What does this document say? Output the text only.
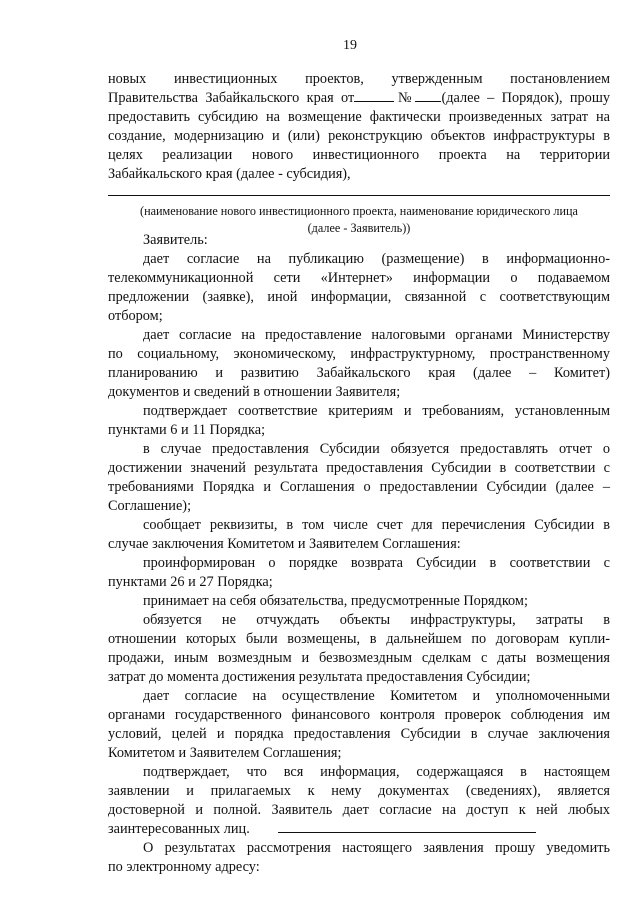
19
новых инвестиционных проектов, утвержденным постановлением
Правительства Забайкальского края от	№ (далее – Порядок), прошу
предоставить субсидию на возмещение фактически произведенных затрат на
создание, модернизацию и (или) реконструкцию объектов инфраструктуры в
целях реализации нового инвестиционного проекта на территории
Забайкальского края (далее - субсидия),
(наименование нового инвестиционного проекта, наименование юридического лица
(далее - Заявитель))
Заявитель:
дает согласие на публикацию (размещение) в информационно-
телекоммуникационной сети «Интернет» информации о подаваемом
предложении (заявке), иной информации, связанной с соответствующим
отбором;
дает согласие на предоставление налоговыми органами Министерству
по социальному, экономическому, инфраструктурному, пространственному
планированию и развитию Забайкальского края (далее – Комитет)
документов и сведений в отношении Заявителя;
подтверждает соответствие критериям и требованиям, установленным
пунктами 6 и 11 Порядка;
в случае предоставления Субсидии обязуется предоставлять отчет о
достижении значений результата предоставления Субсидии в соответствии с
требованиями Порядка и Соглашения о предоставлении Субсидии (далее –
Соглашение);
сообщает реквизиты, в том числе счет для перечисления Субсидии в
случае заключения Комитетом и Заявителем Соглашения:
проинформирован о порядке возврата Субсидии в соответствии с
пунктами 26 и 27 Порядка;
принимает на себя обязательства, предусмотренные Порядком;
обязуется не отчуждать объекты инфраструктуры, затраты в
отношении которых были возмещены, в дальнейшем по договорам купли-
продажи, иным возмездным и безвозмездным сделкам с даты возмещения
затрат до момента достижения результата предоставления Субсидии;
дает согласие на осуществление Комитетом и уполномоченными
органами государственного финансового контроля проверок соблюдения им
условий, целей и порядка предоставления Субсидии в случае заключения
Комитетом и Заявителем Соглашения;
подтверждает, что вся информация, содержащаяся в настоящем
заявлении и прилагаемых к нему документах (сведениях), является
достоверной и полной. Заявитель дает согласие на доступ к ней любых
заинтересованных лиц.
О результатах рассмотрения настоящего заявления прошу уведомить
по электронному адресу:
